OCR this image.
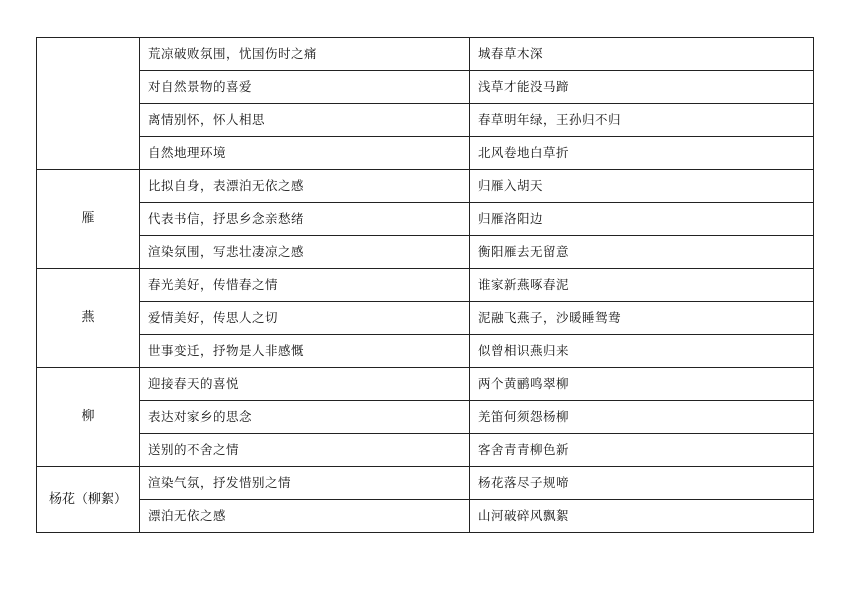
	荒凉破败氛围，忧国伤时之痛	城春草木深
	对自然景物的喜爱	浅草才能没马蹄
	离情别怀，怀人相思	春草明年绿，王孙归不归
	自然地理环境	北风卷地白草折
雁	比拟自身，表漂泊无依之感	归雁入胡天
	代表书信，抒思乡念亲愁绪	归雁洛阳边
	渲染氛围，写悲壮凄凉之感	衡阳雁去无留意
燕	春光美好，传惜春之情	谁家新燕啄春泥
	爱情美好，传思人之切	泥融飞燕子，沙暖睡鸳鸯
	世事变迁，抒物是人非感慨	似曾相识燕归来
柳	迎接春天的喜悦	两个黄鹂鸣翠柳
	表达对家乡的思念	羌笛何须怨杨柳
	送别的不舍之情	客舍青青柳色新
杨花（柳絮）	渲染气氛，抒发惜别之情	杨花落尽子规啼
	漂泊无依之感	山河破碎风飘絮
